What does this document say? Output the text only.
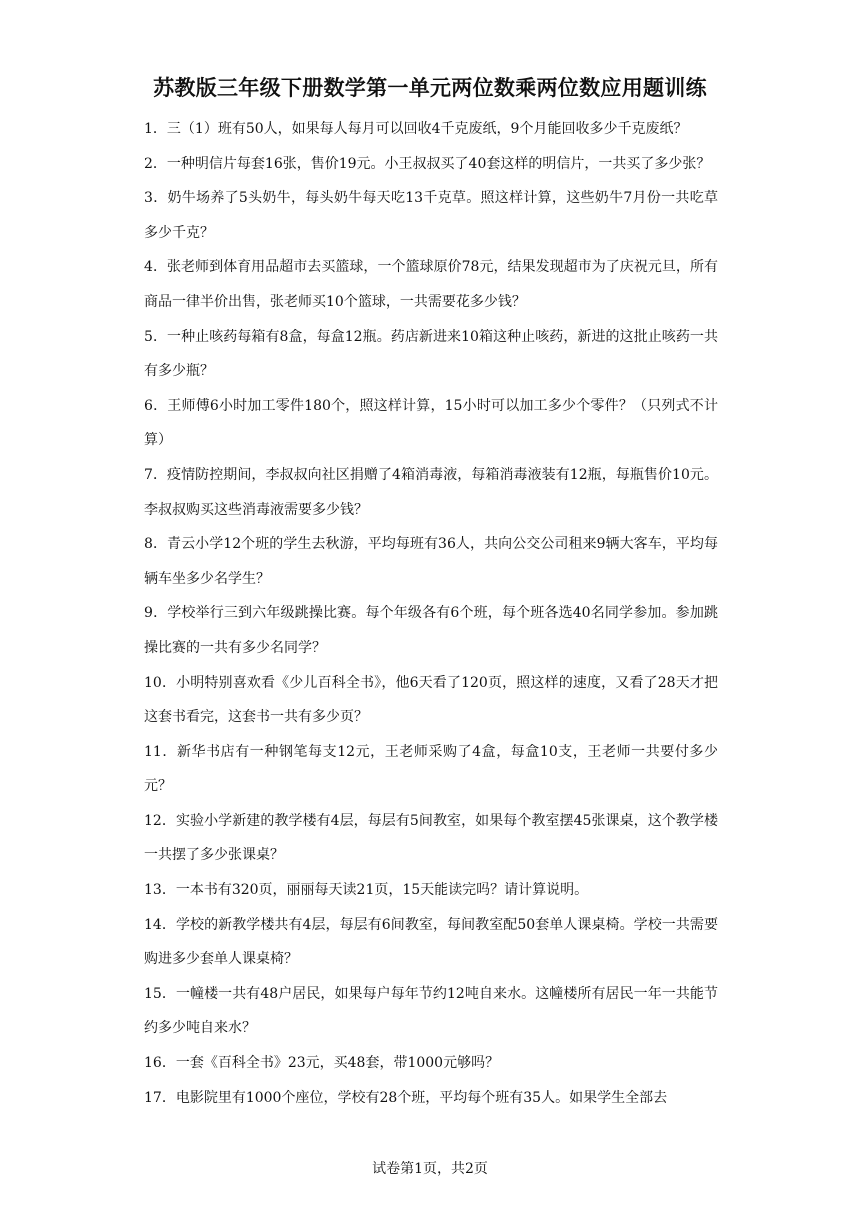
苏教版三年级下册数学第一单元两位数乘两位数应用题训练
1．三（1）班有50人，如果每人每月可以回收4千克废纸，9个月能回收多少千克废纸？
2．一种明信片每套16张，售价19元。小王叔叔买了40套这样的明信片，一共买了多少张？
3．奶牛场养了5头奶牛，每头奶牛每天吃13千克草。照这样计算，这些奶牛7月份一共吃草多少千克？
4．张老师到体育用品超市去买篮球，一个篮球原价78元，结果发现超市为了庆祝元旦，所有商品一律半价出售，张老师买10个篮球，一共需要花多少钱？
5．一种止咳药每箱有8盒，每盒12瓶。药店新进来10箱这种止咳药，新进的这批止咳药一共有多少瓶？
6．王师傅6小时加工零件180个，照这样计算，15小时可以加工多少个零件？（只列式不计算）
7．疫情防控期间，李叔叔向社区捐赠了4箱消毒液，每箱消毒液装有12瓶，每瓶售价10元。李叔叔购买这些消毒液需要多少钱？
8．青云小学12个班的学生去秋游，平均每班有36人，共向公交公司租来9辆大客车，平均每辆车坐多少名学生？
9．学校举行三到六年级跳操比赛。每个年级各有6个班，每个班各选40名同学参加。参加跳操比赛的一共有多少名同学？
10．小明特别喜欢看《少儿百科全书》，他6天看了120页，照这样的速度，又看了28天才把这套书看完，这套书一共有多少页？
11．新华书店有一种钢笔每支12元，王老师采购了4盒，每盒10支，王老师一共要付多少元？
12．实验小学新建的教学楼有4层，每层有5间教室，如果每个教室摆45张课桌，这个教学楼一共摆了多少张课桌？
13．一本书有320页，丽丽每天读21页，15天能读完吗？请计算说明。
14．学校的新教学楼共有4层，每层有6间教室，每间教室配50套单人课桌椅。学校一共需要购进多少套单人课桌椅？
15．一幢楼一共有48户居民，如果每户每年节约12吨自来水。这幢楼所有居民一年一共能节约多少吨自来水？
16．一套《百科全书》23元，买48套，带1000元够吗？
17．电影院里有1000个座位，学校有28个班，平均每个班有35人。如果学生全部去
试卷第1页，共2页
